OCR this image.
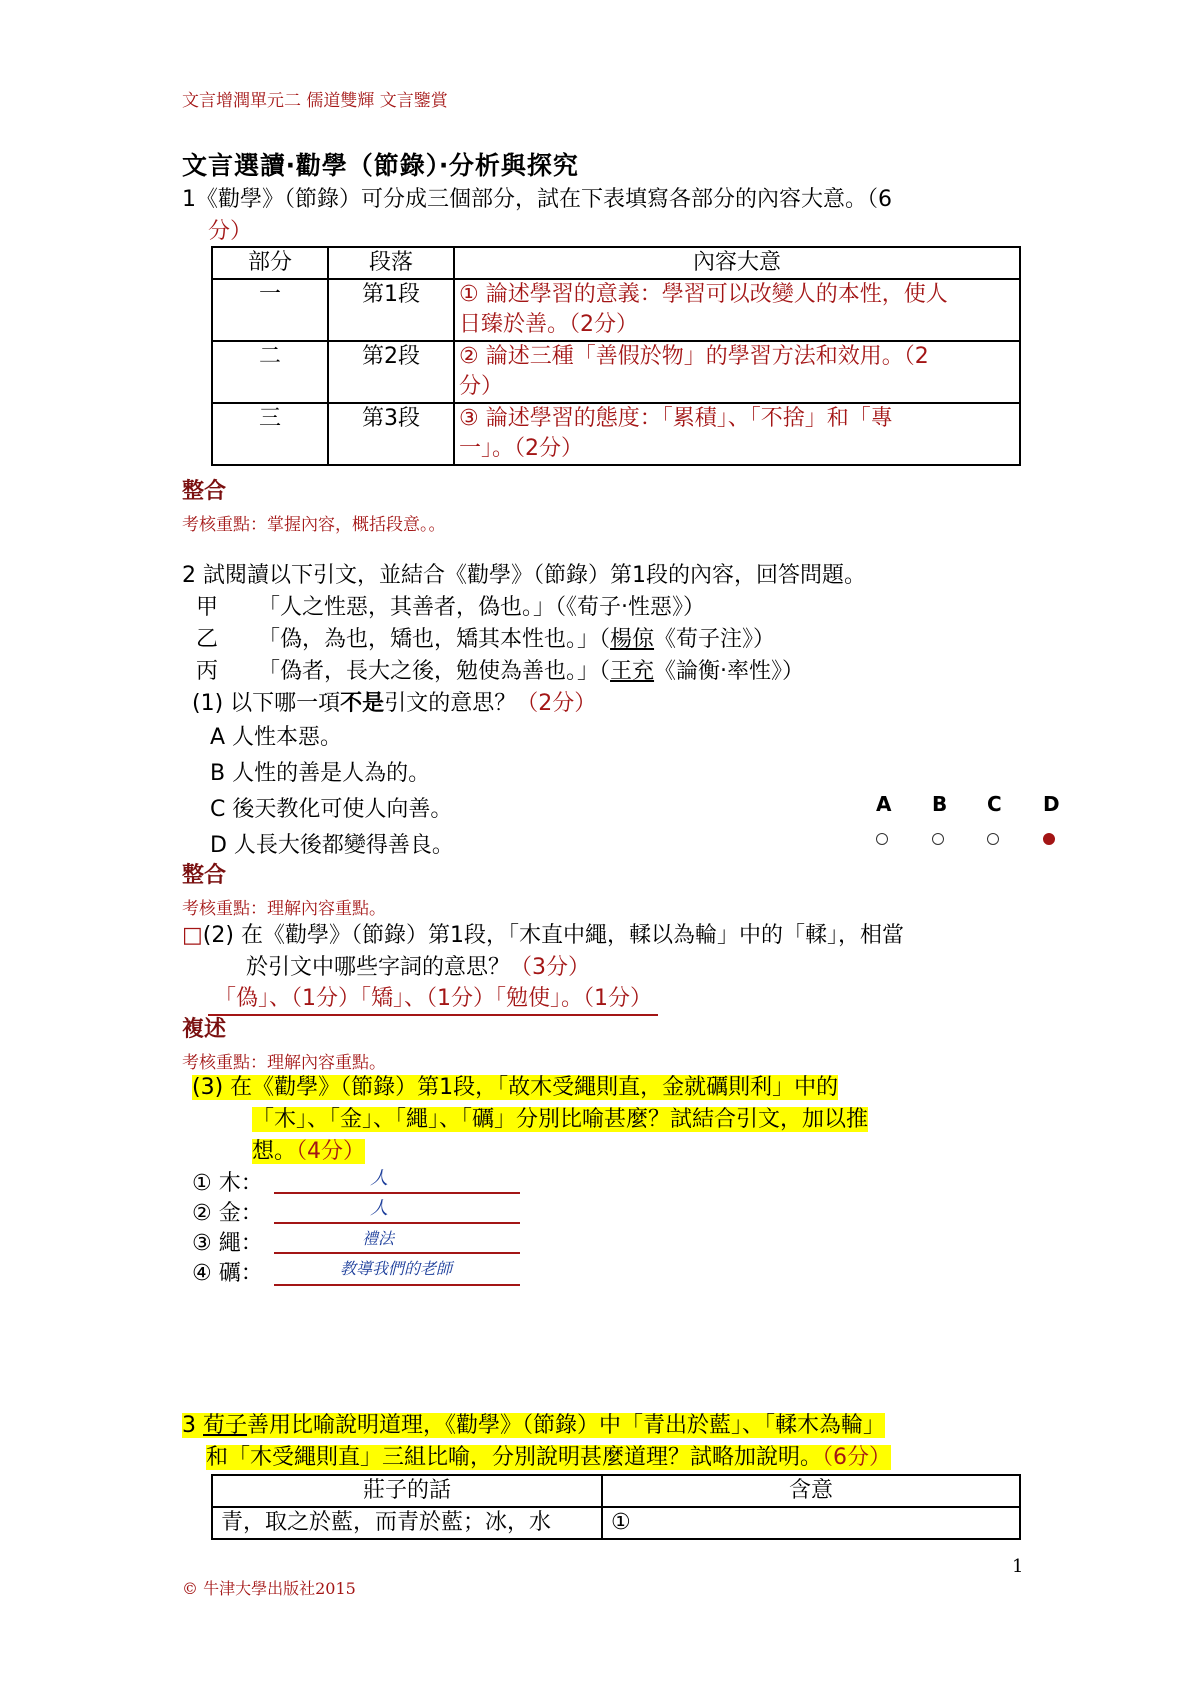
文言增潤單元二 儒道雙輝 文言鑒賞
文言選讀‧勸學（節錄）‧分析與探究
1《勸學》（節錄）可分成三個部分，試在下表填寫各部分的內容大意。（6
分）
部分	段落	內容大意
一	第1段	① 論述學習的意義：學習可以改變人的本性，使人
日臻於善。（2分）

二	第2段	② 論述三種「善假於物」的學習方法和效用。（2
分）

三	第3段	③ 論述學習的態度：「累積」、「不捨」和「專
一」。（2分）
整合
考核重點：掌握內容，概括段意。。
2 試閱讀以下引文，並結合《勸學》（節錄）第1段的內容，回答問題。
甲 「人之性惡，其善者，偽也。」（《荀子‧性惡》）
乙 「偽，為也，矯也，矯其本性也。」（楊倞《荀子注》）
丙 「偽者，長大之後，勉使為善也。」（王充《論衡‧率性》）
(1) 以下哪一項不是引文的意思？（2分）
A 人性本惡。
B 人性的善是人為的。
C 後天教化可使人向善。
D 人長大後都變得善良。
A B C D
整合
考核重點：理解內容重點。
□(2) 在《勸學》（節錄）第1段，「木直中繩，輮以為輪」中的「輮」，相當
於引文中哪些字詞的意思？（3分）
「偽」、（1分）「矯」、（1分）「勉使」。（1分）
複述
考核重點：理解內容重點。
(3) 在《勸學》（節錄）第1段，「故木受繩則直，金就礪則利」中的
「木」、「金」、「繩」、「礪」分別比喻甚麼？試結合引文，加以推
想。（4分）
① 木：	人
② 金：	人
③ 繩：	禮法
④ 礪：	教導我們的老師
3 荀子善用比喻說明道理，《勸學》（節錄）中「青出於藍」、「輮木為輪」
和「木受繩則直」三組比喻，分別說明甚麼道理？試略加說明。（6分）
莊子的話	含意
青，取之於藍，而青於藍；冰，水	①
1
© 牛津大學出版社2015
